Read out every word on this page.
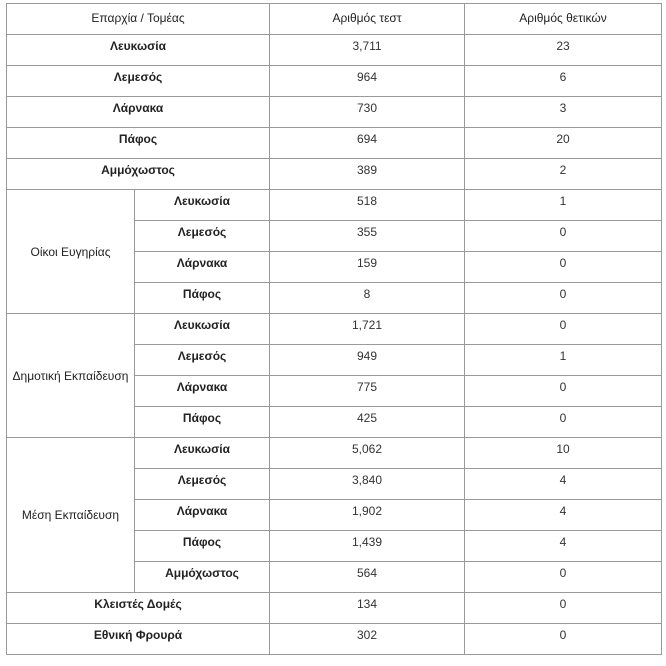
Επαρχία / Τομέας		Αριθμός τεστ	Αριθμός θετικών
Λευκωσία		3,711	23
Λεμεσός		964	6
Λάρνακα		730	3
Πάφος		694	20
Αμμόχωστος		389	2
Οίκοι Ευγηρίας	Λευκωσία	518	1
	Λεμεσός	355	0
	Λάρνακα	159	0
	Πάφος	8	0
Δημοτική Εκπαίδευση	Λευκωσία	1,721	0
	Λεμεσός	949	1
	Λάρνακα	775	0
	Πάφος	425	0
Μέση Εκπαίδευση	Λευκωσία	5,062	10
	Λεμεσός	3,840	4
	Λάρνακα	1,902	4
	Πάφος	1,439	4
	Αμμόχωστος	564	0
Κλειστές Δομές		134	0
Εθνική Φρουρά		302	0
